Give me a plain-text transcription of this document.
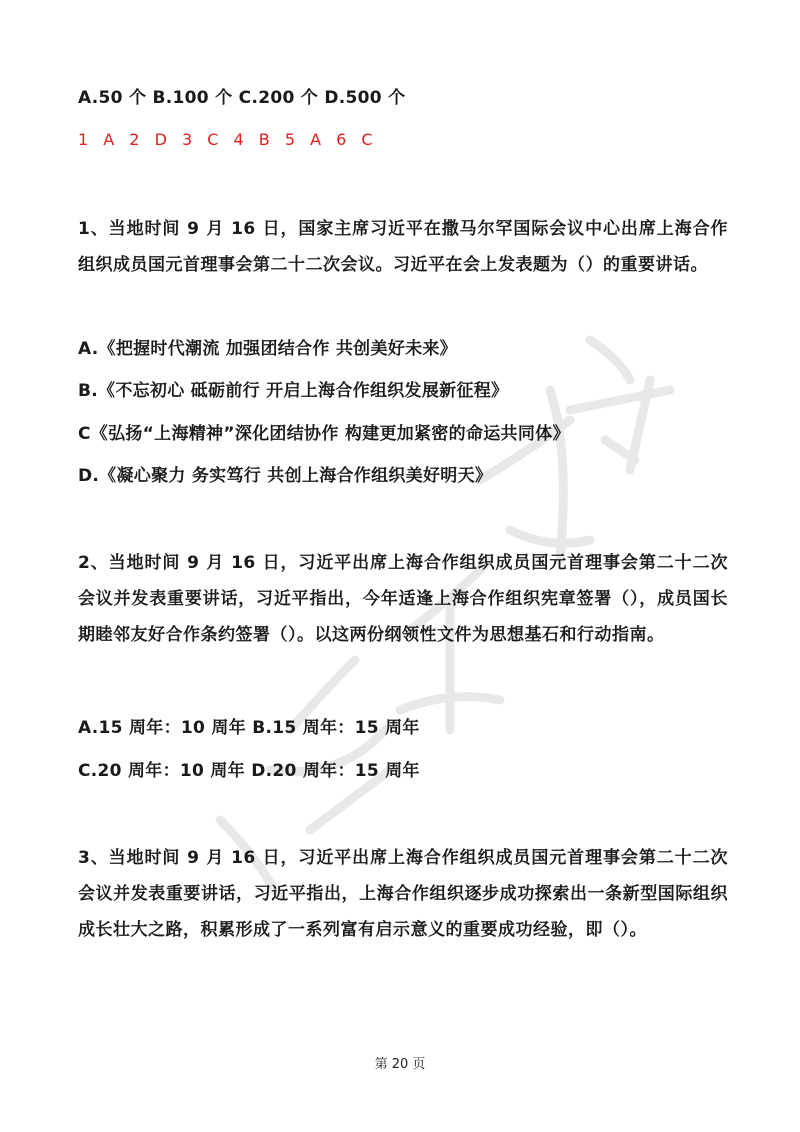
A.50 个 B.100 个 C.200 个 D.500 个
1 A 2 D 3 C 4 B 5 A 6 C
1、当地时间 9 月 16 日，国家主席习近平在撒马尔罕国际会议中心出席上海合作组织成员国元首理事会第二十二次会议。习近平在会上发表题为（）的重要讲话。
A.《把握时代潮流 加强团结合作 共创美好未来》
B.《不忘初心 砥砺前行 开启上海合作组织发展新征程》
C《弘扬“上海精神”深化团结协作 构建更加紧密的命运共同体》
D.《凝心聚力 务实笃行 共创上海合作组织美好明天》
2、当地时间 9 月 16 日，习近平出席上海合作组织成员国元首理事会第二十二次会议并发表重要讲话，习近平指出，今年适逢上海合作组织宪章签署（），成员国长期睦邻友好合作条约签署（）。以这两份纲领性文件为思想基石和行动指南。
A.15 周年：10 周年 B.15 周年：15 周年
C.20 周年：10 周年 D.20 周年：15 周年
3、当地时间 9 月 16 日，习近平出席上海合作组织成员国元首理事会第二十二次会议并发表重要讲话，习近平指出，上海合作组织逐步成功探索出一条新型国际组织成长壮大之路，积累形成了一系列富有启示意义的重要成功经验，即（）。
第 20 页
